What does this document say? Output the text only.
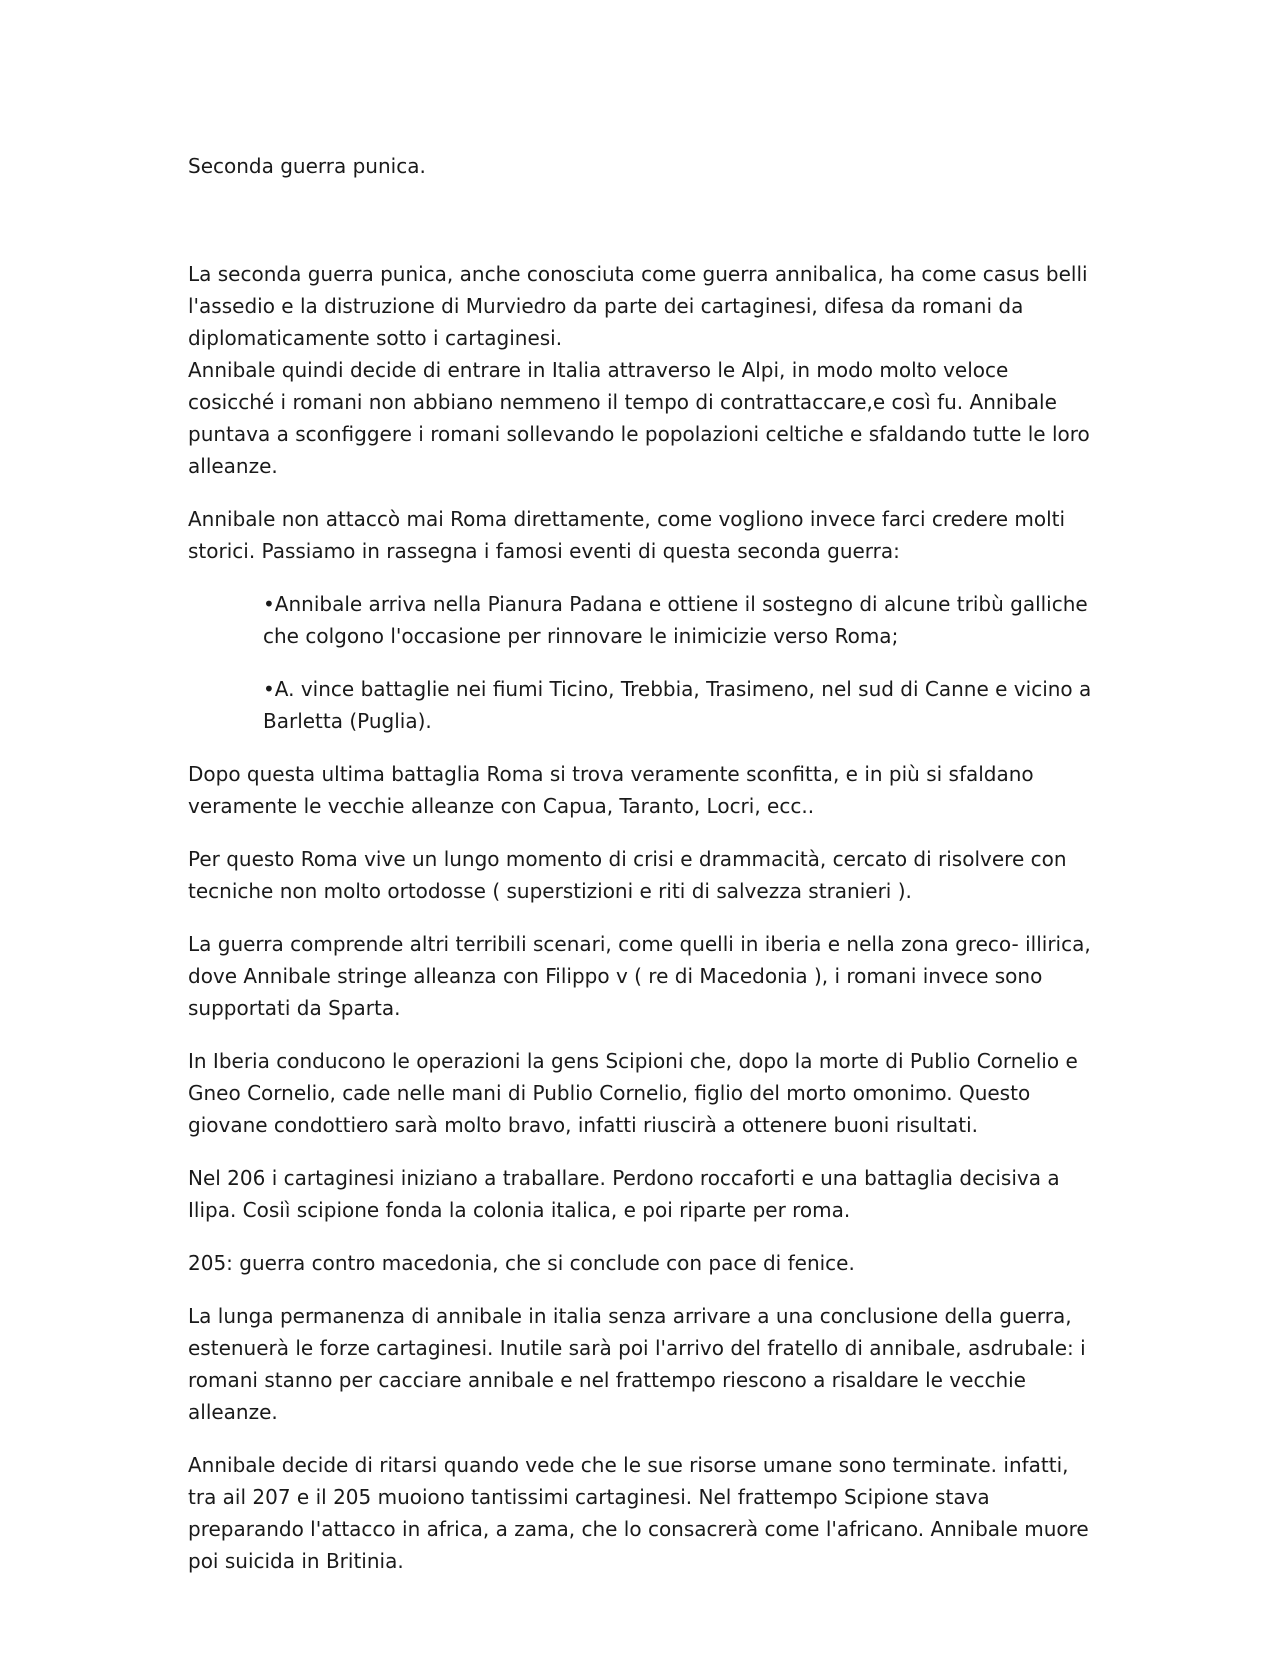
Seconda guerra punica.

La seconda guerra punica, anche conosciuta come guerra annibalica, ha come casus belli l'assedio e la distruzione di Murviedro da parte dei cartaginesi, difesa da romani da diplomaticamente sotto i cartaginesi.

Annibale quindi decide di entrare in Italia attraverso le Alpi, in modo molto veloce cosicché i romani non abbiano nemmeno il tempo di contrattaccare,e così fu. Annibale puntava a sconfiggere i romani sollevando le popolazioni celtiche e sfaldando tutte le loro alleanze.

Annibale non attaccò mai Roma direttamente, come vogliono invece farci credere molti storici. Passiamo in rassegna i famosi eventi di questa seconda guerra:

•Annibale arriva nella Pianura Padana e ottiene il sostegno di alcune tribù galliche che colgono l'occasione per rinnovare le inimicizie verso Roma;

•A. vince battaglie nei fiumi Ticino, Trebbia, Trasimeno, nel sud di Canne e vicino a Barletta (Puglia).

Dopo questa ultima battaglia Roma si trova veramente sconfitta, e in più si sfaldano veramente le vecchie alleanze con Capua, Taranto, Locri, ecc..

Per questo Roma vive un lungo momento di crisi e drammacità, cercato di risolvere con tecniche non molto ortodosse ( superstizioni e riti di salvezza stranieri ).

La guerra comprende altri terribili scenari, come quelli in iberia e nella zona greco- illirica, dove Annibale stringe alleanza con Filippo v ( re di Macedonia ), i romani invece sono supportati da Sparta.

In Iberia conducono le operazioni la gens Scipioni che, dopo la morte di Publio Cornelio e Gneo Cornelio, cade nelle mani di Publio Cornelio, figlio del morto omonimo. Questo giovane condottiero sarà molto bravo, infatti riuscirà a ottenere buoni risultati.

Nel 206 i cartaginesi iniziano a traballare. Perdono roccaforti e una battaglia decisiva a Ilipa. Cosiì scipione fonda la colonia italica, e poi riparte per roma.

205: guerra contro macedonia, che si conclude con pace di fenice.

La lunga permanenza di annibale in italia senza arrivare a una conclusione della guerra, estenuerà le forze cartaginesi. Inutile sarà poi l'arrivo del fratello di annibale, asdrubale: i romani stanno per cacciare annibale e nel frattempo riescono a risaldare le vecchie alleanze.

Annibale decide di ritarsi quando vede che le sue risorse umane sono terminate. infatti, tra ail 207 e il 205 muoiono tantissimi cartaginesi. Nel frattempo Scipione stava preparando l'attacco in africa, a zama, che lo consacrerà come l'africano. Annibale muore poi suicida in Britinia.
